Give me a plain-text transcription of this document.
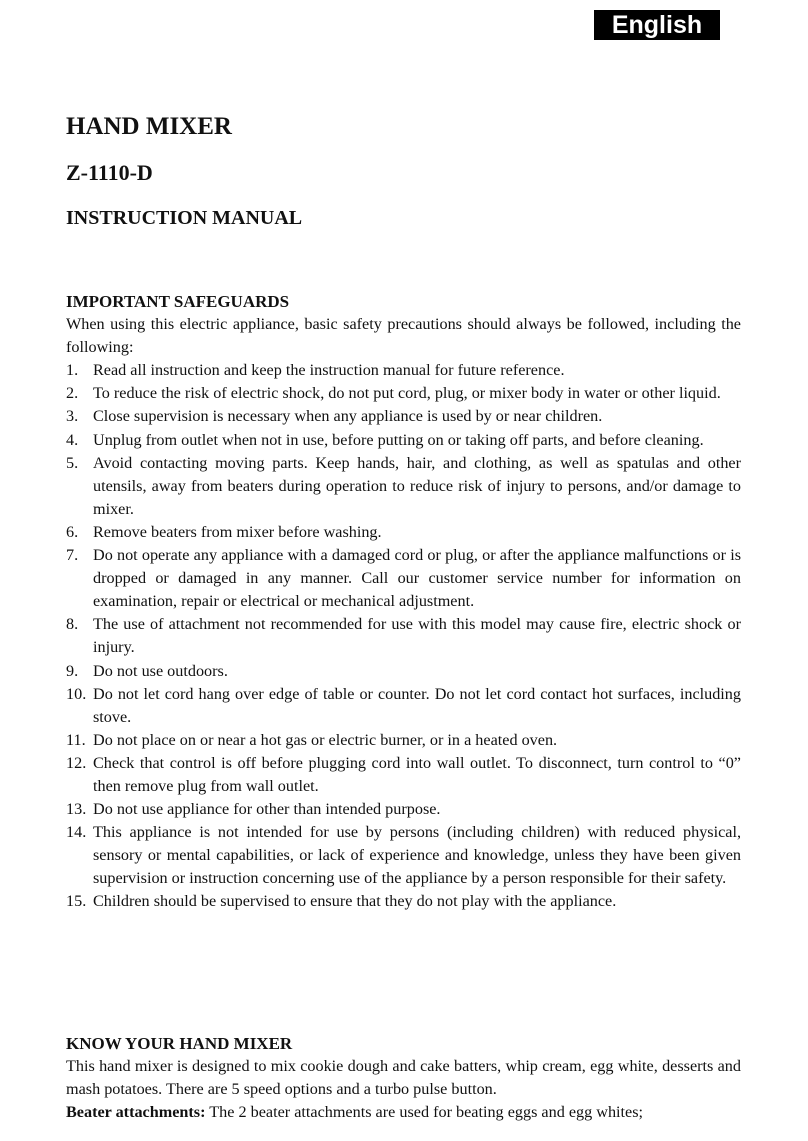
English
HAND MIXER
Z-1110-D
INSTRUCTION MANUAL
IMPORTANT SAFEGUARDS

When using this electric appliance, basic safety precautions should always be followed, including the following:

1. Read all instruction and keep the instruction manual for future reference.
2. To reduce the risk of electric shock, do not put cord, plug, or mixer body in water or other liquid.
3. Close supervision is necessary when any appliance is used by or near children.
4. Unplug from outlet when not in use, before putting on or taking off parts, and before cleaning.
5. Avoid contacting moving parts. Keep hands, hair, and clothing, as well as spatulas and other utensils, away from beaters during operation to reduce risk of injury to persons, and/or damage to mixer.
6. Remove beaters from mixer before washing.
7. Do not operate any appliance with a damaged cord or plug, or after the appliance malfunctions or is dropped or damaged in any manner. Call our customer service number for information on examination, repair or electrical or mechanical adjustment.
8. The use of attachment not recommended for use with this model may cause fire, electric shock or injury.
9. Do not use outdoors.
10. Do not let cord hang over edge of table or counter. Do not let cord contact hot surfaces, including stove.
11. Do not place on or near a hot gas or electric burner, or in a heated oven.
12. Check that control is off before plugging cord into wall outlet. To disconnect, turn control to “0” then remove plug from wall outlet.
13. Do not use appliance for other than intended purpose.
14. This appliance is not intended for use by persons (including children) with reduced physical, sensory or mental capabilities, or lack of experience and knowledge, unless they have been given supervision or instruction concerning use of the appliance by a person responsible for their safety.
15. Children should be supervised to ensure that they do not play with the appliance.
KNOW YOUR HAND MIXER

This hand mixer is designed to mix cookie dough and cake batters, whip cream, egg white, desserts and mash potatoes. There are 5 speed options and a turbo pulse button.

Beater attachments: The 2 beater attachments are used for beating eggs and egg whites;
